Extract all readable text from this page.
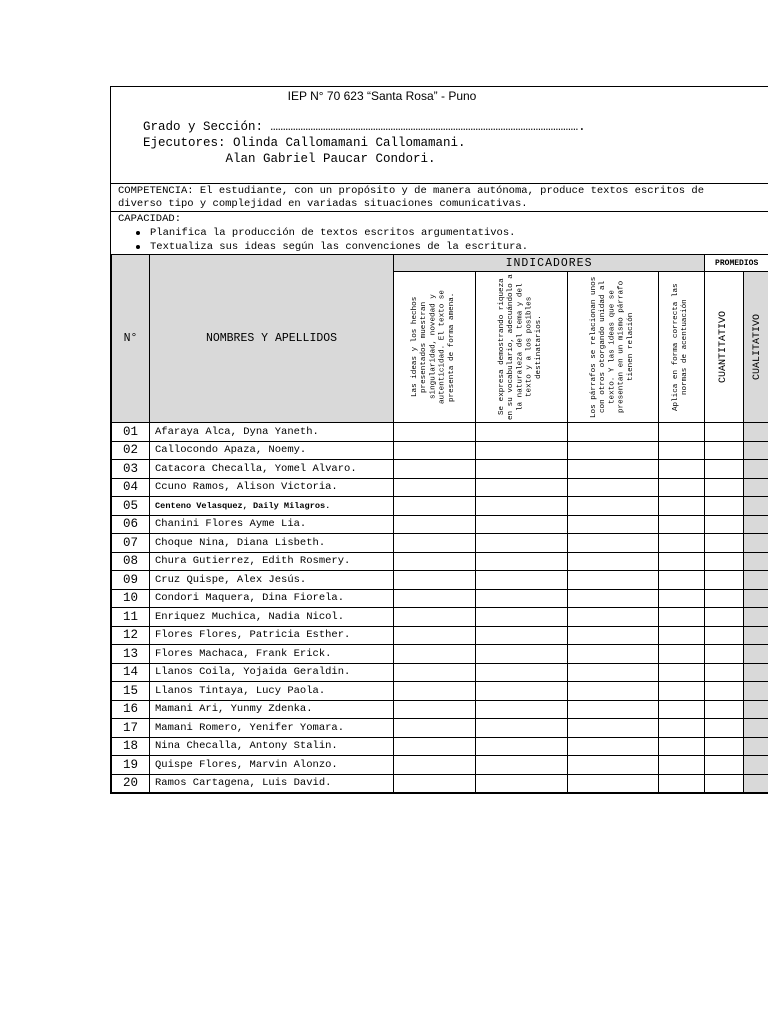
IEP N° 70 623 “Santa Rosa” - Puno
Grado y Sección: …………………………………………………………………………………………………………….
Ejecutores: Olinda Callomamani Callomamani.
Alan Gabriel Paucar Condori.
COMPETENCIA: El estudiante, con un propósito y de manera autónoma, produce textos escritos de
diverso tipo y complejidad en variadas situaciones comunicativas.
CAPACIDAD:
Planifica la producción de textos escritos argumentativos.
Textualiza sus ideas según las convenciones de la escritura.
N°	NOMBRES Y APELLIDOS	INDICADORES				PROMEDIOS	

		Las ideas y los hechos presentados muestran singularidad, novedad y autenticidad. El texto se presenta de forma amena.	Se expresa demostrando riqueza en su vocabulario, adecuándolo a la naturaleza del tema y del texto y a los posibles destinatarios.	Los párrafos se relacionan unos con otros otorgando unidad al texto. Y las ideas que se presentan en un mismo párrafo tienen relación	Aplica en forma correcta las normas de acentuación	CUANTITATIVO	CUALITATIVO

01	Afaraya Alca, Dyna Yaneth.						
02	Callocondo Apaza, Noemy.						
03	Catacora Checalla, Yomel Alvaro.						
04	Ccuno Ramos, Alison Victoria.						
05	Centeno Velasquez, Daily Milagros.						
06	Chanini Flores Ayme Lia.						
07	Choque Nina, Diana Lisbeth.						
08	Chura Gutierrez, Edith Rosmery.						
09	Cruz Quispe, Alex Jesús.						
10	Condori Maquera, Dina Fiorela.						
11	Enriquez Muchica, Nadia Nicol.						
12	Flores Flores, Patricia Esther.						
13	Flores Machaca, Frank Erick.						
14	Llanos Coila, Yojaida Geraldin.						
15	Llanos Tintaya, Lucy Paola.						
16	Mamani Ari, Yunmy Zdenka.						
17	Mamani Romero, Yenifer Yomara.						
18	Nina Checalla, Antony Stalin.						
19	Quispe Flores, Marvin Alonzo.						
20	Ramos Cartagena, Luis David.						
